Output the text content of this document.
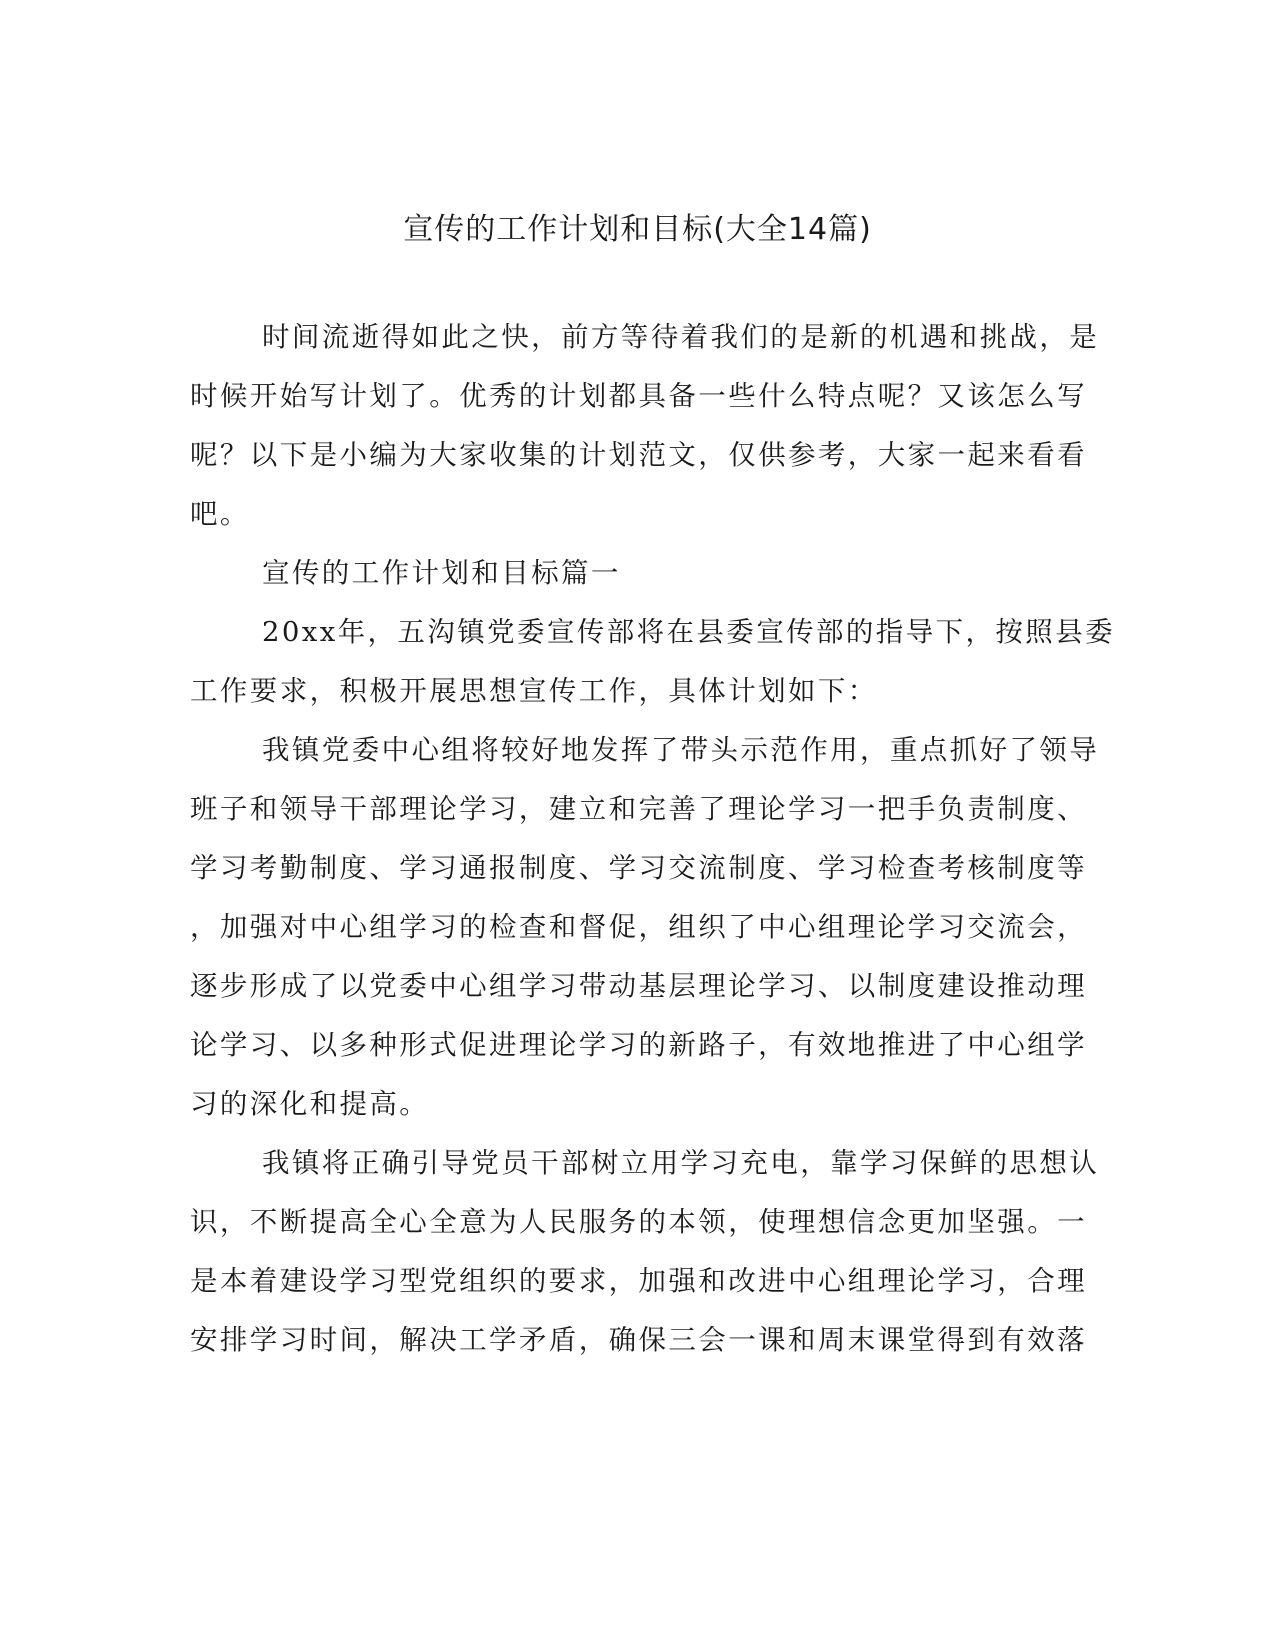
宣传的工作计划和目标(大全14篇)

时间流逝得如此之快，前方等待着我们的是新的机遇和挑战，是

时候开始写计划了。优秀的计划都具备一些什么特点呢？又该怎么写

呢？以下是小编为大家收集的计划范文，仅供参考，大家一起来看看

吧。

宣传的工作计划和目标篇一

20xx年，五沟镇党委宣传部将在县委宣传部的指导下，按照县委

工作要求，积极开展思想宣传工作，具体计划如下：

我镇党委中心组将较好地发挥了带头示范作用，重点抓好了领导

班子和领导干部理论学习，建立和完善了理论学习一把手负责制度、

学习考勤制度、学习通报制度、学习交流制度、学习检查考核制度等

，加强对中心组学习的检查和督促，组织了中心组理论学习交流会，

逐步形成了以党委中心组学习带动基层理论学习、以制度建设推动理

论学习、以多种形式促进理论学习的新路子，有效地推进了中心组学

习的深化和提高。

我镇将正确引导党员干部树立用学习充电，靠学习保鲜的思想认

识，不断提高全心全意为人民服务的本领，使理想信念更加坚强。一

是本着建设学习型党组织的要求，加强和改进中心组理论学习，合理

安排学习时间，解决工学矛盾，确保三会一课和周末课堂得到有效落
